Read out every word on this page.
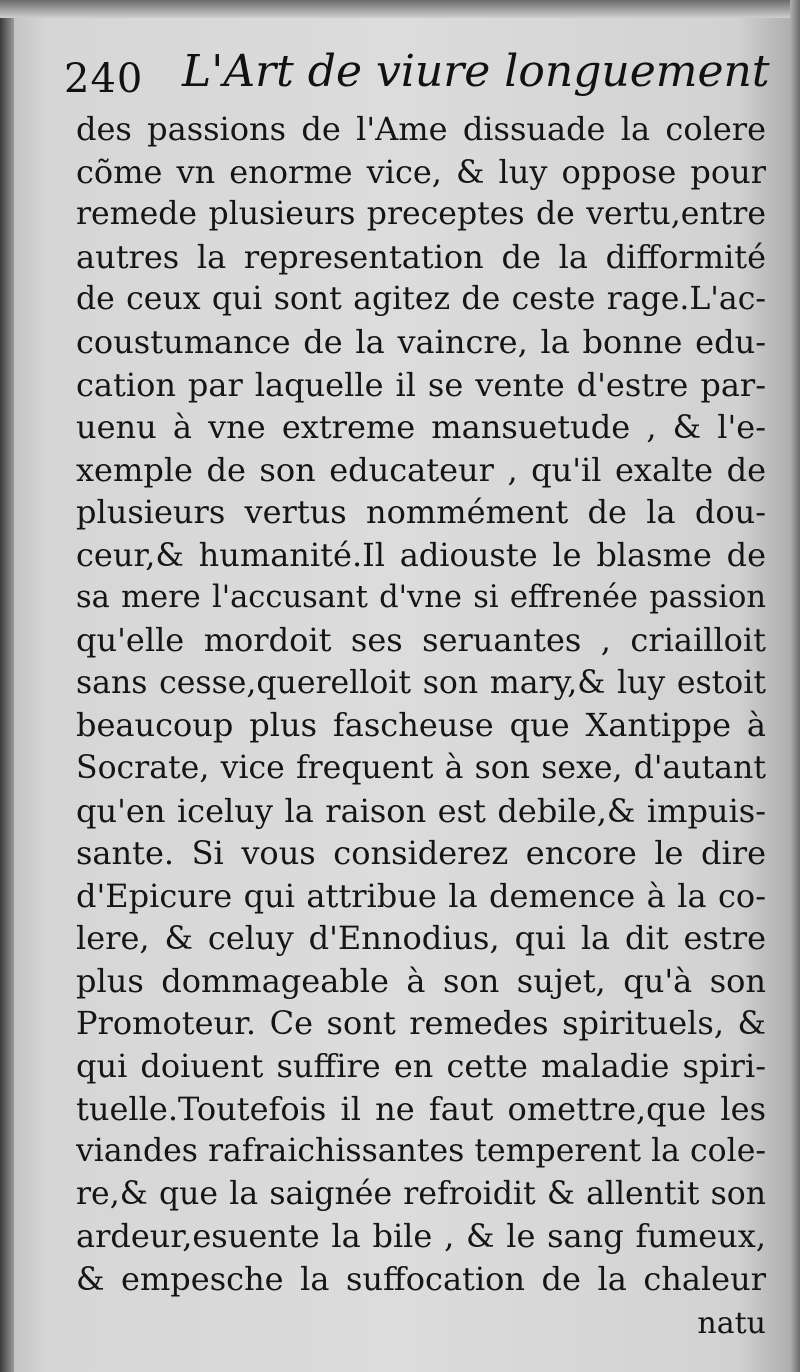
240 L'Art de viure longuement
des passions de l'Ame dissuade la colere
cõme vn enorme vice, & luy oppose pour
remede plusieurs preceptes de vertu,entre
autres la representation de la difformité
de ceux qui sont agitez de ceste rage.L'ac-
coustumance de la vaincre, la bonne edu-
cation par laquelle il se vente d'estre par-
uenu à vne extreme mansuetude , & l'e-
xemple de son educateur , qu'il exalte de
plusieurs vertus nommément de la dou-
ceur,& humanité.Il adiouste le blasme de
sa mere l'accusant d'vne si effrenée passion
qu'elle mordoit ses seruantes , criailloit
sans cesse,querelloit son mary,& luy estoit
beaucoup plus fascheuse que Xantippe à
Socrate, vice frequent à son sexe, d'autant
qu'en iceluy la raison est debile,& impuis-
sante. Si vous considerez encore le dire
d'Epicure qui attribue la demence à la co-
lere, & celuy d'Ennodius, qui la dit estre
plus dommageable à son sujet, qu'à son
Promoteur. Ce sont remedes spirituels, &
qui doiuent suffire en cette maladie spiri-
tuelle.Toutefois il ne faut omettre,que les
viandes rafraichissantes temperent la cole-
re,& que la saignée refroidit & allentit son
ardeur,esuente la bile , & le sang fumeux,
& empesche la suffocation de la chaleur
natu
